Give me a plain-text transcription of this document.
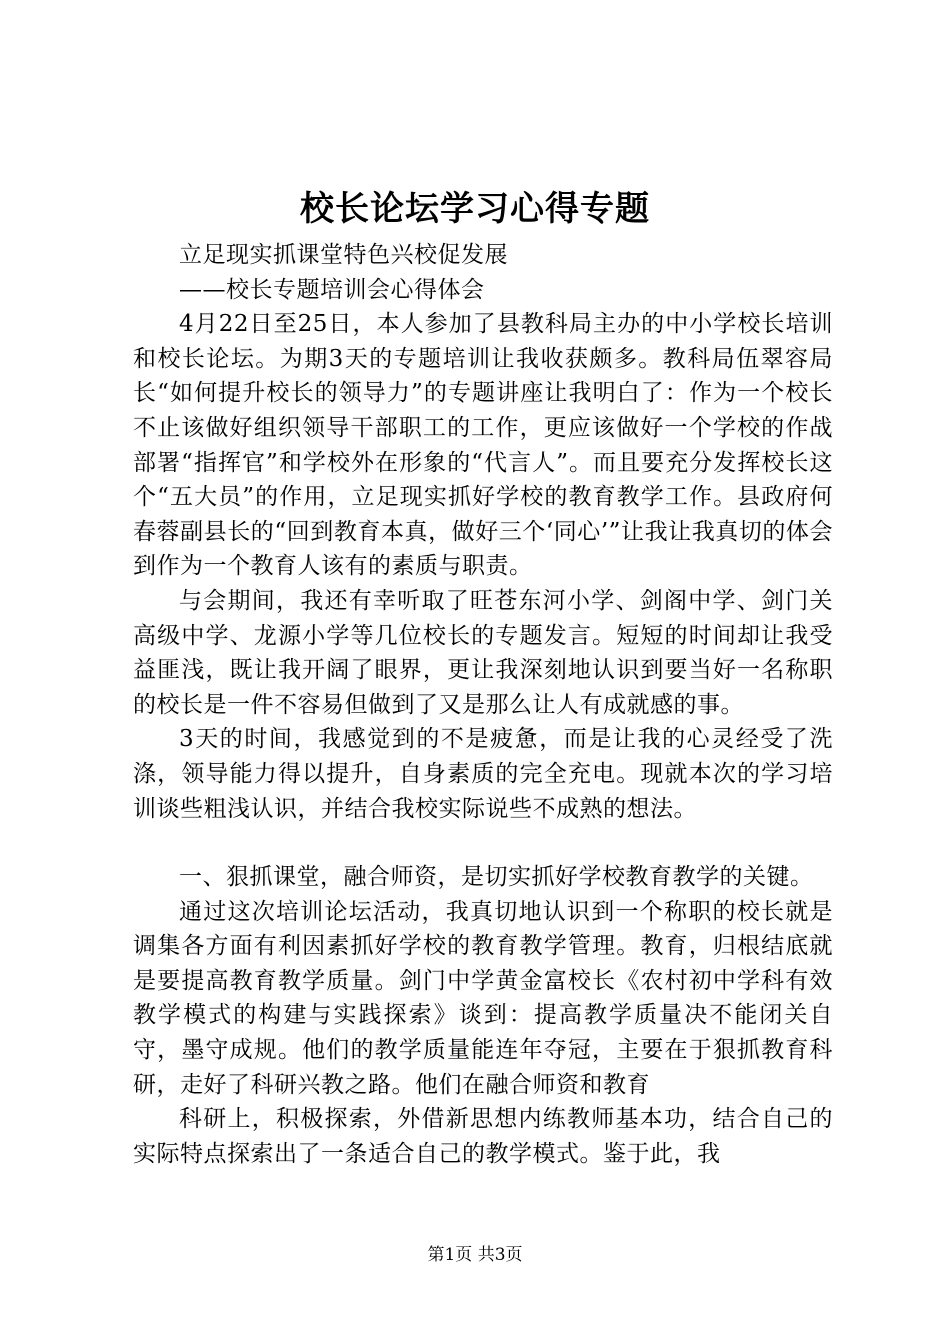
校长论坛学习心得专题

立足现实抓课堂特色兴校促发展

——校长专题培训会心得体会

4月22日至25日，本人参加了县教科局主办的中小学校长培训和校长论坛。为期3天的专题培训让我收获颇多。教科局伍翠容局长“如何提升校长的领导力”的专题讲座让我明白了：作为一个校长不止该做好组织领导干部职工的工作，更应该做好一个学校的作战部署“指挥官”和学校外在形象的“代言人”。而且要充分发挥校长这个“五大员”的作用，立足现实抓好学校的教育教学工作。县政府何春蓉副县长的“回到教育本真，做好三个‘同心’”让我让我真切的体会到作为一个教育人该有的素质与职责。

与会期间，我还有幸听取了旺苍东河小学、剑阁中学、剑门关高级中学、龙源小学等几位校长的专题发言。短短的时间却让我受益匪浅，既让我开阔了眼界，更让我深刻地认识到要当好一名称职的校长是一件不容易但做到了又是那么让人有成就感的事。

3天的时间，我感觉到的不是疲惫，而是让我的心灵经受了洗涤，领导能力得以提升，自身素质的完全充电。现就本次的学习培训谈些粗浅认识，并结合我校实际说些不成熟的想法。

一、狠抓课堂，融合师资，是切实抓好学校教育教学的关键。

通过这次培训论坛活动，我真切地认识到一个称职的校长就是调集各方面有利因素抓好学校的教育教学管理。教育，归根结底就是要提高教育教学质量。剑门中学黄金富校长《农村初中学科有效教学模式的构建与实践探索》谈到：提高教学质量决不能闭关自守，墨守成规。他们的教学质量能连年夺冠，主要在于狠抓教育科研，走好了科研兴教之路。他们在融合师资和教育

科研上，积极探索，外借新思想内练教师基本功，结合自己的实际特点探索出了一条适合自己的教学模式。鉴于此，我

第1页 共3页
